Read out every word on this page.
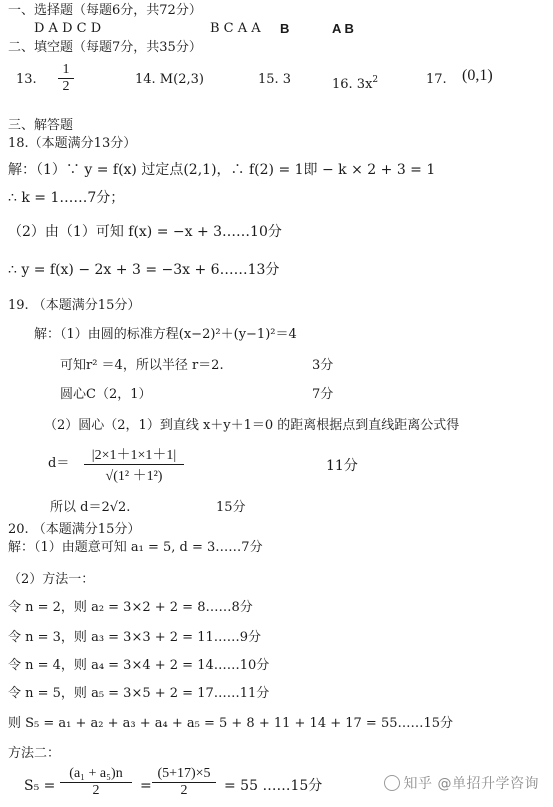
一、选择题（每题6分，共72分）
D A D C D	B C A A B	A B
二、填空题（每题7分，共35分）
13. $\frac{1}{2}$	14. M(2,3)	15. 3	16. $3x^2$	17. (0,1)
三、解答题
18.（本题满分13分）
解：（1）∵ y = f(x) 过定点(2,1)，∴ f(2) = 1即 − k × 2 + 3 = 1
∴ k = 1……7分；
（2）由（1）可知 f(x) = −x + 3……10分
∴ y = f(x) − 2x + 3 = −3x + 6……13分
19. （本题满分15分）
解：（1）由圆的标准方程(x−2)²＋(y−1)²＝4
可知r² ＝4，所以半径 r＝2.	3分
圆心C（2，1）	7分
（2）圆心（2，1）到直线 x＋y＋1＝0 的距离根据点到直线距离公式得
$d= \frac{|2\times 1+1\times 1+1|}{\text{√(1² ＋1²)}}$	11分
所以 d＝2√2.	15分
20. （本题满分15分）
解：（1）由题意可知 a₁ = 5, d = 3……7分
（2）方法一：
令 n = 2，则 a₂ = 3×2 + 2 = 8……8分
令 n = 3，则 a₃ = 3×3 + 2 = 11……9分
令 n = 4，则 a₄ = 3×4 + 2 = 14……10分
令 n = 5，则 a₅ = 3×5 + 2 = 17……11分
则 S₅ = a₁ + a₂ + a₃ + a₄ + a₅ = 5 + 8 + 11 + 14 + 17 = 55……15分
方法二：
$S_5 = \frac{\text{(a₁ + a₅)n}}{2} = \frac{(5+17)\times 5}{2} = 55$ ……15分	知乎 @单招升学咨询
